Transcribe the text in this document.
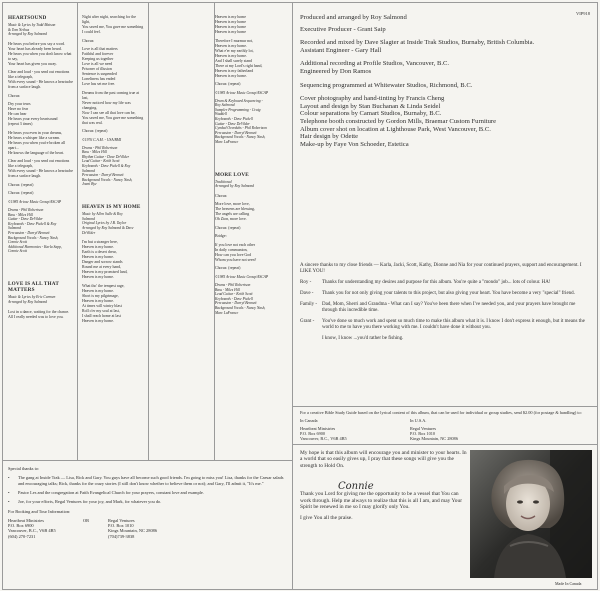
HEARTSOUND
Music & Lyrics by Todd Matson
& Tom Nethus
Arranged by Roy Salmond

He hears you before you say a word.
Your heart has already been heard.
He hears you when you don't know what to say,
Your heart has given you away.

Clear and loud - you send out emotions like a telegraph,
With every sound - He knows a heartache from a surface laugh.

Chorus:

Dry your tears
Have no fear
He can hear
He hears your every heartsound
(repeat 3 times)

He hears you even in your dreams,
He hears a whisper like a scream.
He hears you when you're broken all apart...
He knows the language of the heart.

Clear and loud - you send out emotions like a telegraph,
With every sound - He knows a heartache from a surface laugh.

Chorus: (repeat)

Chorus: (repeat)

©1985 Ariose Music Group/ASCAP

Drums - Phil Robertson
Bass - Miles Hill
Guitar - Dave DeVilder
Keyboards - Dave Pickell & Roy
Salmond
Percussion - Darryl Bennett
Background Vocals - Nancy Nash,
Connie Scott
Additional Harmonies - Karla Sapp,
Connie Scott
LOVE IS ALL THAT MATTERS
Music & Lyrics by Eric Carmen
Arranged by Roy Salmond

Lost in a dance, waiting for the chance.
All I really needed was to love you.

Night after night, searching for the light,
You saved me, You gave me something I could feel.

Chorus:

Love is all that matters
Faithful and forever
Keeping us together
Love is all we need
Prisoner of illusion
Sentence is suspended
Loneliness has ended
Love has set me free.

Dreams from the past coming true at last,
Never noticed how my life was changing.
Now I can see all that love can be,
You saved me, You gave me something that was real.

Chorus: (repeat)

©1976 C.A.M. - USA/BMI

Drums - Phil Robertson
Bass - Miles Hill
Rhythm Guitar - Dave DeVilder
Lead Guitar - Keith Scott
Keyboards - Dave Pickell & Roy
Salmond
Percussion - Darryl Bennett
Background Vocals - Nancy Nash,
Joani Bye
HEAVEN IS MY HOME
Music by Allen Salle & Roy
Salmond
Original Lyrics by J.B. Taylor
Arranged by Roy Salmond & Dave
DeVilder

I'm but a stranger here,
Heaven is my home.
Earth is a desert drear,
Heaven is my home.
Danger and sorrow stands
Round me at every hand,
Heaven is my promised land,
Heaven is my home.

What tho' the tempest rage,
Heaven is my home.
Short is my pilgrimage,
Heaven is my home.
At times will wintry blast
Roll o'er my soul at last,
I shall reach home at last
Heaven is my home.

Heaven is my home
Heaven is my home
Heaven is my home
Heaven is my home

Therefore I murmur not,
Heaven is my home.
What e'er my earthly lot,
Heaven is my home.
And I shall surely stand
There at my Lord's right hand,
Heaven is my fatherland
Heaven is my home.

Chorus: (repeat)

©1985 Ariose Music Group/ASCAP

Drum & Keyboard Sequencing -
Roy Salmond
Sampler Programming - Craig
Waddell
Keyboards - Dave Pickell
Guitar - Dave DeVilder
Cymbal Overdubs - Phil Robertson
Percussion - Darryl Bennett
Background Vocals - Nancy Nash,
Marc LaFrance
MORE LOVE
Traditional
Arranged by Roy Salmond

Chorus:

More love, more love,
The heavens are blessing,
The angels are calling
Oh Zion, more love.

Chorus: (repeat)

Bridge:

If you love not each other
In daily communion,
How can you love God
Whom you have not seen?

Chorus: (repeat)

©1985 Ariose Music Group/ASCAP

Drums - Phil Robertson
Bass - Miles Hill
Lead Guitar - Keith Scott
Keyboards - Dave Pickell
Percussion - Darryl Bennett
Background Vocals - Nancy Nash,
Marc LaFrance
VIP918
Produced and arranged by Roy Salmond

Executive Producer - Grant Saip

Recorded and mixed by Dave Slagter at Inside Trak Studios, Burnaby, British Columbia.
Assistant Engineer - Gary Hall

Additional recording at Profile Studios, Vancouver, B.C.
Engineered by Don Ramos

Sequencing programmed at Whitewater Studios, Richmond, B.C.

Cover photography and hand-tinting by Francis Cheng
Layout and design by Stan Buchanan & Linda Seidel
Colour separations by Camart Studios, Burnaby, B.C.
Telephone booth constructed by Gordon Mills, Braemar Custom Furniture
Album cover shot on location at Lighthouse Park, West Vancouver, B.C.
Hair design by Odette
Make-up by Faye Von Schoeder, Estetica

A sincere thanks to my close friends — Karla, Jacki, Scott, Kathy, Dionne and Nia for your continued prayers, support and encouragement. I LIKE YOU!

Roy -	Thanks for understanding my desires and purpose for this album. You're quite a "mondo" job... lots of colour. HA!
Dave -	Thank you for not only giving your talents to this project, but also giving your heart. You have become a very "special" friend.
Family - Dad, Mom, Sherri and Grandma - What can I say? You've been there when I've needed you, and your prayers have brought me through this incredible time.
Grant -	You've done so much work and spent so much time to make this album what it is. I know I don't express it enough, but it means the world to me to have you there working with me. I couldn't have done it without you.
I know, I know ...you'd rather be fishing.

For a creative Bible Study Guide based on the lyrical content of this album, that can be used for individual or group studies, send $2.00 (for postage & handling) to:

In Canada
Heartbeat Ministries
P.O. Box 6900
Vancouver, B.C., V6B 4B5
In U.S.A.
Regal Ventures
P.O. Box 1010
Kings Mountain, NC 28086
Special thanks to:
•	The gang at Inside Trak — Lisa, Rick and Gary. You guys have all become such good friends. I'm going to miss you! Lisa, thanks for the Caesar salads and encouraging talks; Rick, thanks for the crazy stories (I still don't know whether to believe them or not); and Gary, I'll admit it, "It's me."
•	Pastor Les and the congregation at Faith Evangelical Church for your prayers, constant love and example.
•	Joe, for your efforts, Regal Ventures for your joy, and Mark, for whatever you do.
For Booking and Tour Information:
Heartbeat Ministries
P.O. Box 6900
Vancouver, B.C., V6B 4B5
(604) 270-7231
OR	Regal Ventures
P.O. Box 1010
Kings Mountain, NC 28086
(704)739-3838

My hope is that this album will encourage you and minister to your hearts. In a world that so easily gives up, I pray that these songs will give you the strength to Hold On.

Thank you Lord for giving me the opportunity to be a vessel that You can work through. Help me always to realize that this is all I am, and may Your Spirit be renewed in me so I may glorify only You.

I give You all the praise.
Connie
Made In Canada
